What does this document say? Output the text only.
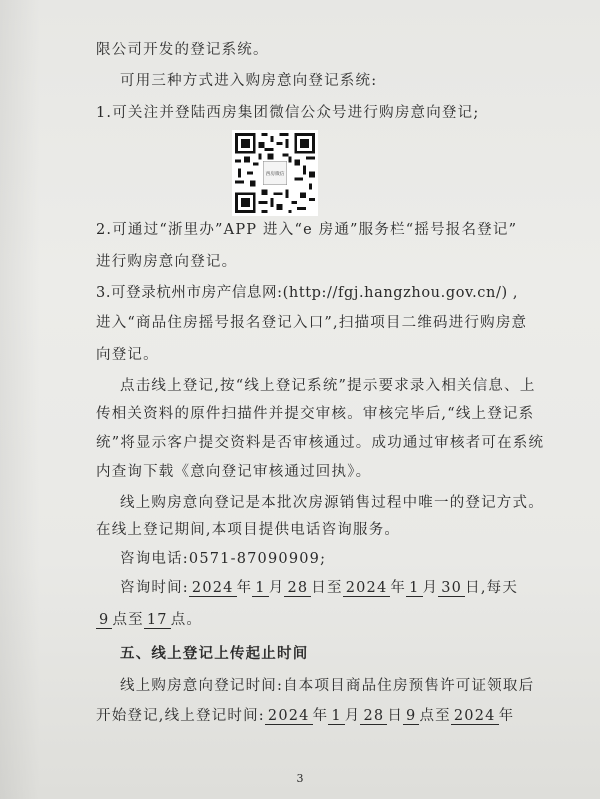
限公司开发的登记系统。
可用三种方式进入购房意向登记系统:
1.可关注并登陆西房集团微信公众号进行购房意向登记;
西房微信
2.可通过“浙里办”APP 进入“e 房通”服务栏“摇号报名登记”
进行购房意向登记。
3.可登录杭州市房产信息网:(http://fgj.hangzhou.gov.cn/) ,
进入“商品住房摇号报名登记入口”,扫描项目二维码进行购房意
向登记。
点击线上登记,按“线上登记系统”提示要求录入相关信息、上
传相关资料的原件扫描件并提交审核。审核完毕后,“线上登记系
统”将显示客户提交资料是否审核通过。成功通过审核者可在系统
内查询下载《意向登记审核通过回执》。
线上购房意向登记是本批次房源销售过程中唯一的登记方式。
在线上登记期间,本项目提供电话咨询服务。
咨询电话:0571-87090909;
咨询时间: 2024 年 1 月 28 日至 2024 年 1 月 30 日,每天
9 点至 17 点。
五、线上登记上传起止时间
线上购房意向登记时间:自本项目商品住房预售许可证领取后
开始登记,线上登记时间: 2024 年 1 月 28 日 9 点至 2024 年
3
